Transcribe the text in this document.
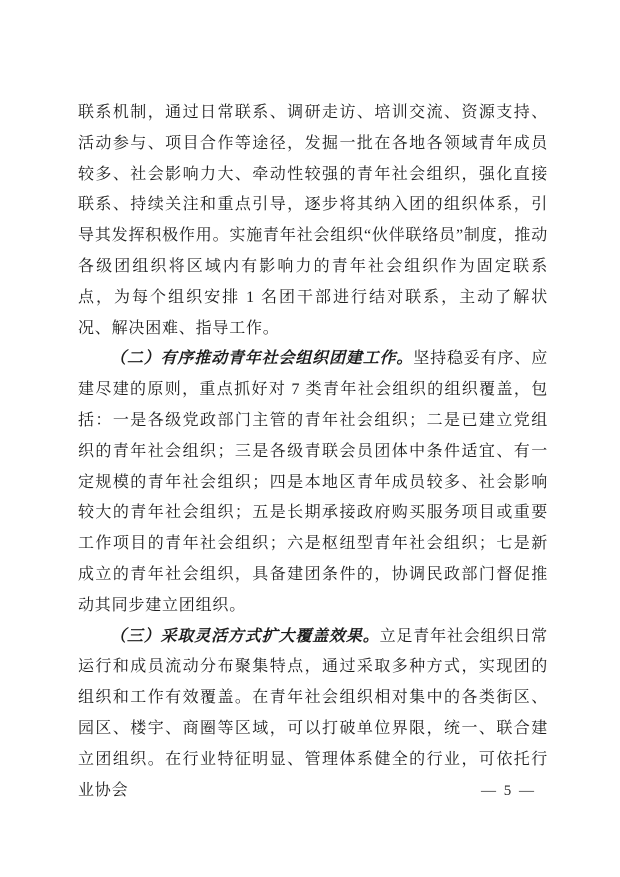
联系机制，通过日常联系、调研走访、培训交流、资源支持、活动参与、项目合作等途径，发掘一批在各地各领域青年成员较多、社会影响力大、牵动性较强的青年社会组织，强化直接联系、持续关注和重点引导，逐步将其纳入团的组织体系，引导其发挥积极作用。实施青年社会组织“伙伴联络员”制度，推动各级团组织将区域内有影响力的青年社会组织作为固定联系点，为每个组织安排 1 名团干部进行结对联系，主动了解状况、解决困难、指导工作。

（二）有序推动青年社会组织团建工作。坚持稳妥有序、应建尽建的原则，重点抓好对 7 类青年社会组织的组织覆盖，包括：一是各级党政部门主管的青年社会组织；二是已建立党组织的青年社会组织；三是各级青联会员团体中条件适宜、有一定规模的青年社会组织；四是本地区青年成员较多、社会影响较大的青年社会组织；五是长期承接政府购买服务项目或重要工作项目的青年社会组织；六是枢纽型青年社会组织；七是新成立的青年社会组织，具备建团条件的，协调民政部门督促推动其同步建立团组织。

（三）采取灵活方式扩大覆盖效果。立足青年社会组织日常运行和成员流动分布聚集特点，通过采取多种方式，实现团的组织和工作有效覆盖。在青年社会组织相对集中的各类街区、园区、楼宇、商圈等区域，可以打破单位界限，统一、联合建立团组织。在行业特征明显、管理体系健全的行业，可依托行业协会	— 5 —
